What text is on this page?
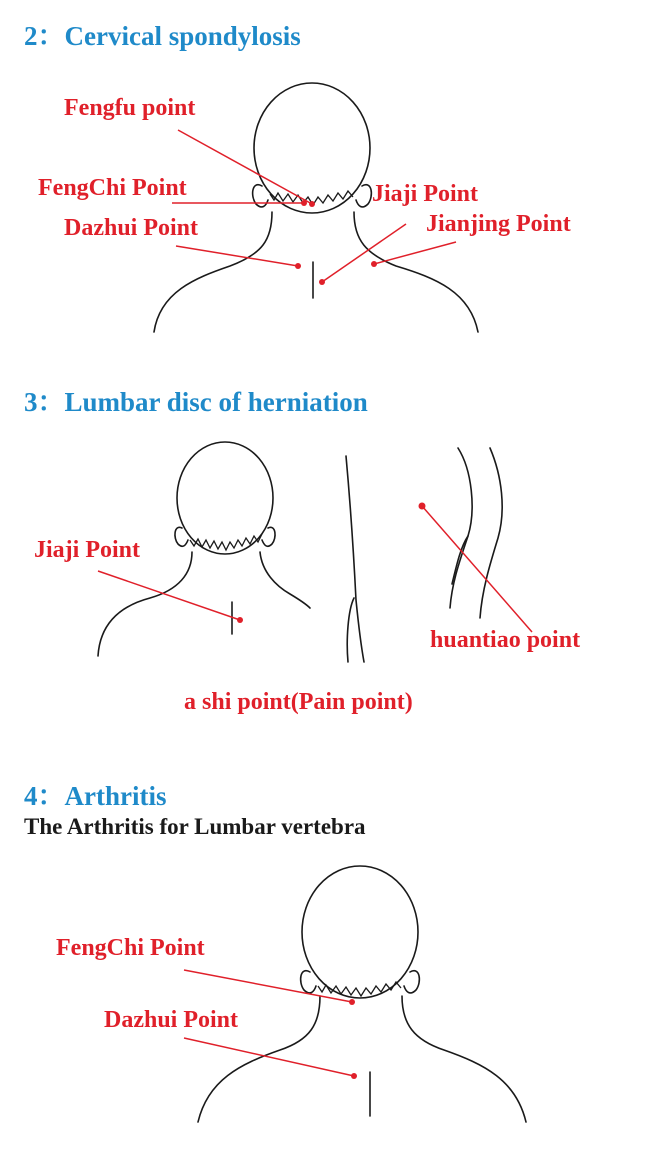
2：Cervical spondylosis
Fengfu point
FengChi Point
Dazhui Point
Jiaji Point
Jianjing Point
3：Lumbar disc of herniation
Jiaji Point
huantiao point
a shi point(Pain point)
4：Arthritis
The Arthritis for Lumbar vertebra
FengChi Point
Dazhui Point
